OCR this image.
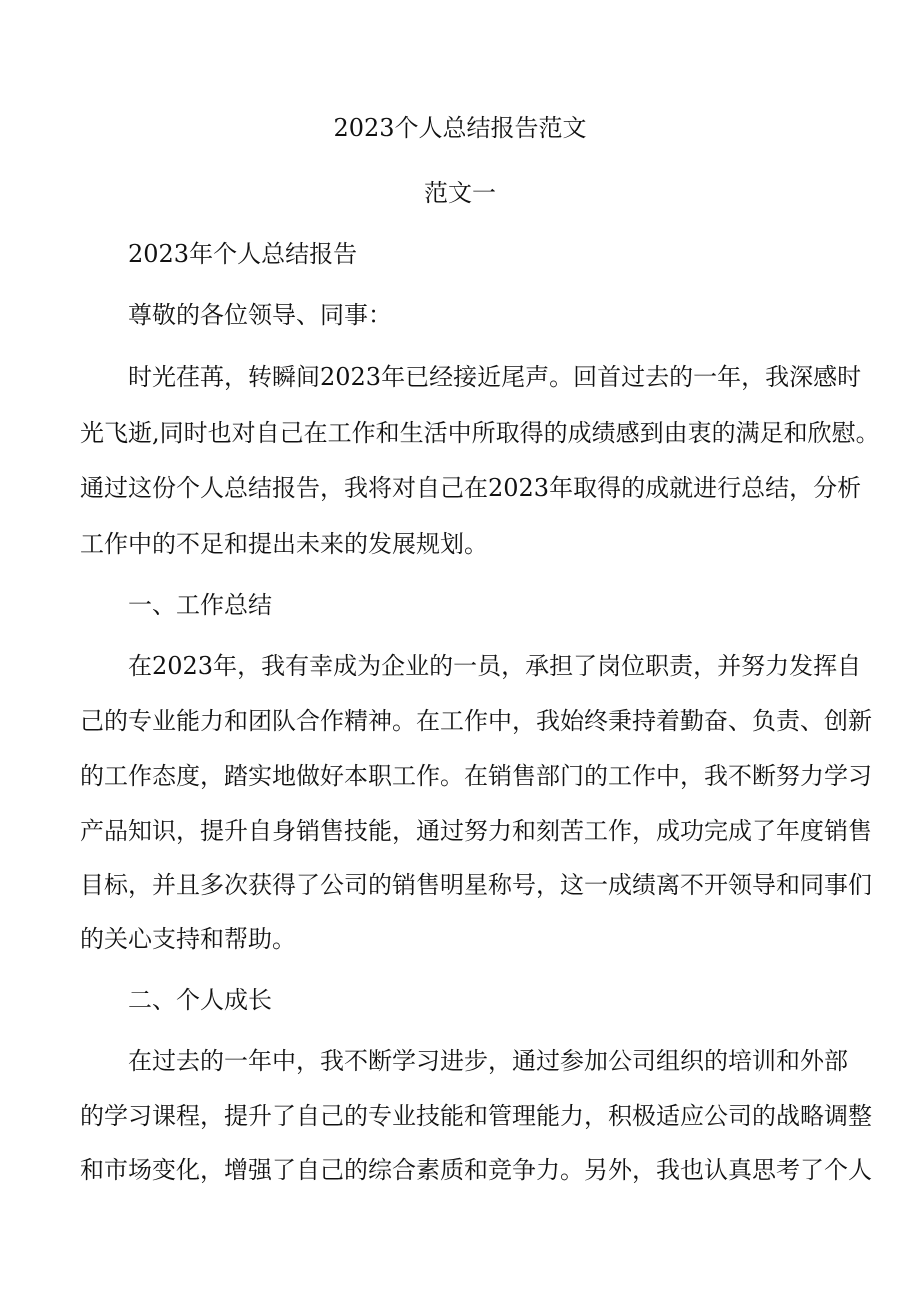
2023个人总结报告范文

范文一

2023年个人总结报告

尊敬的各位领导、同事：

时光荏苒，转瞬间2023年已经接近尾声。回首过去的一年，我深感时

光飞逝,同时也对自己在工作和生活中所取得的成绩感到由衷的满足和欣慰。

通过这份个人总结报告，我将对自己在2023年取得的成就进行总结，分析

工作中的不足和提出未来的发展规划。

一、工作总结

在2023年，我有幸成为企业的一员，承担了岗位职责，并努力发挥自

己的专业能力和团队合作精神。在工作中，我始终秉持着勤奋、负责、创新

的工作态度，踏实地做好本职工作。在销售部门的工作中，我不断努力学习

产品知识，提升自身销售技能，通过努力和刻苦工作，成功完成了年度销售

目标，并且多次获得了公司的销售明星称号，这一成绩离不开领导和同事们

的关心支持和帮助。

二、个人成长

在过去的一年中，我不断学习进步，通过参加公司组织的培训和外部

的学习课程，提升了自己的专业技能和管理能力，积极适应公司的战略调整

和市场变化，增强了自己的综合素质和竞争力。另外，我也认真思考了个人
